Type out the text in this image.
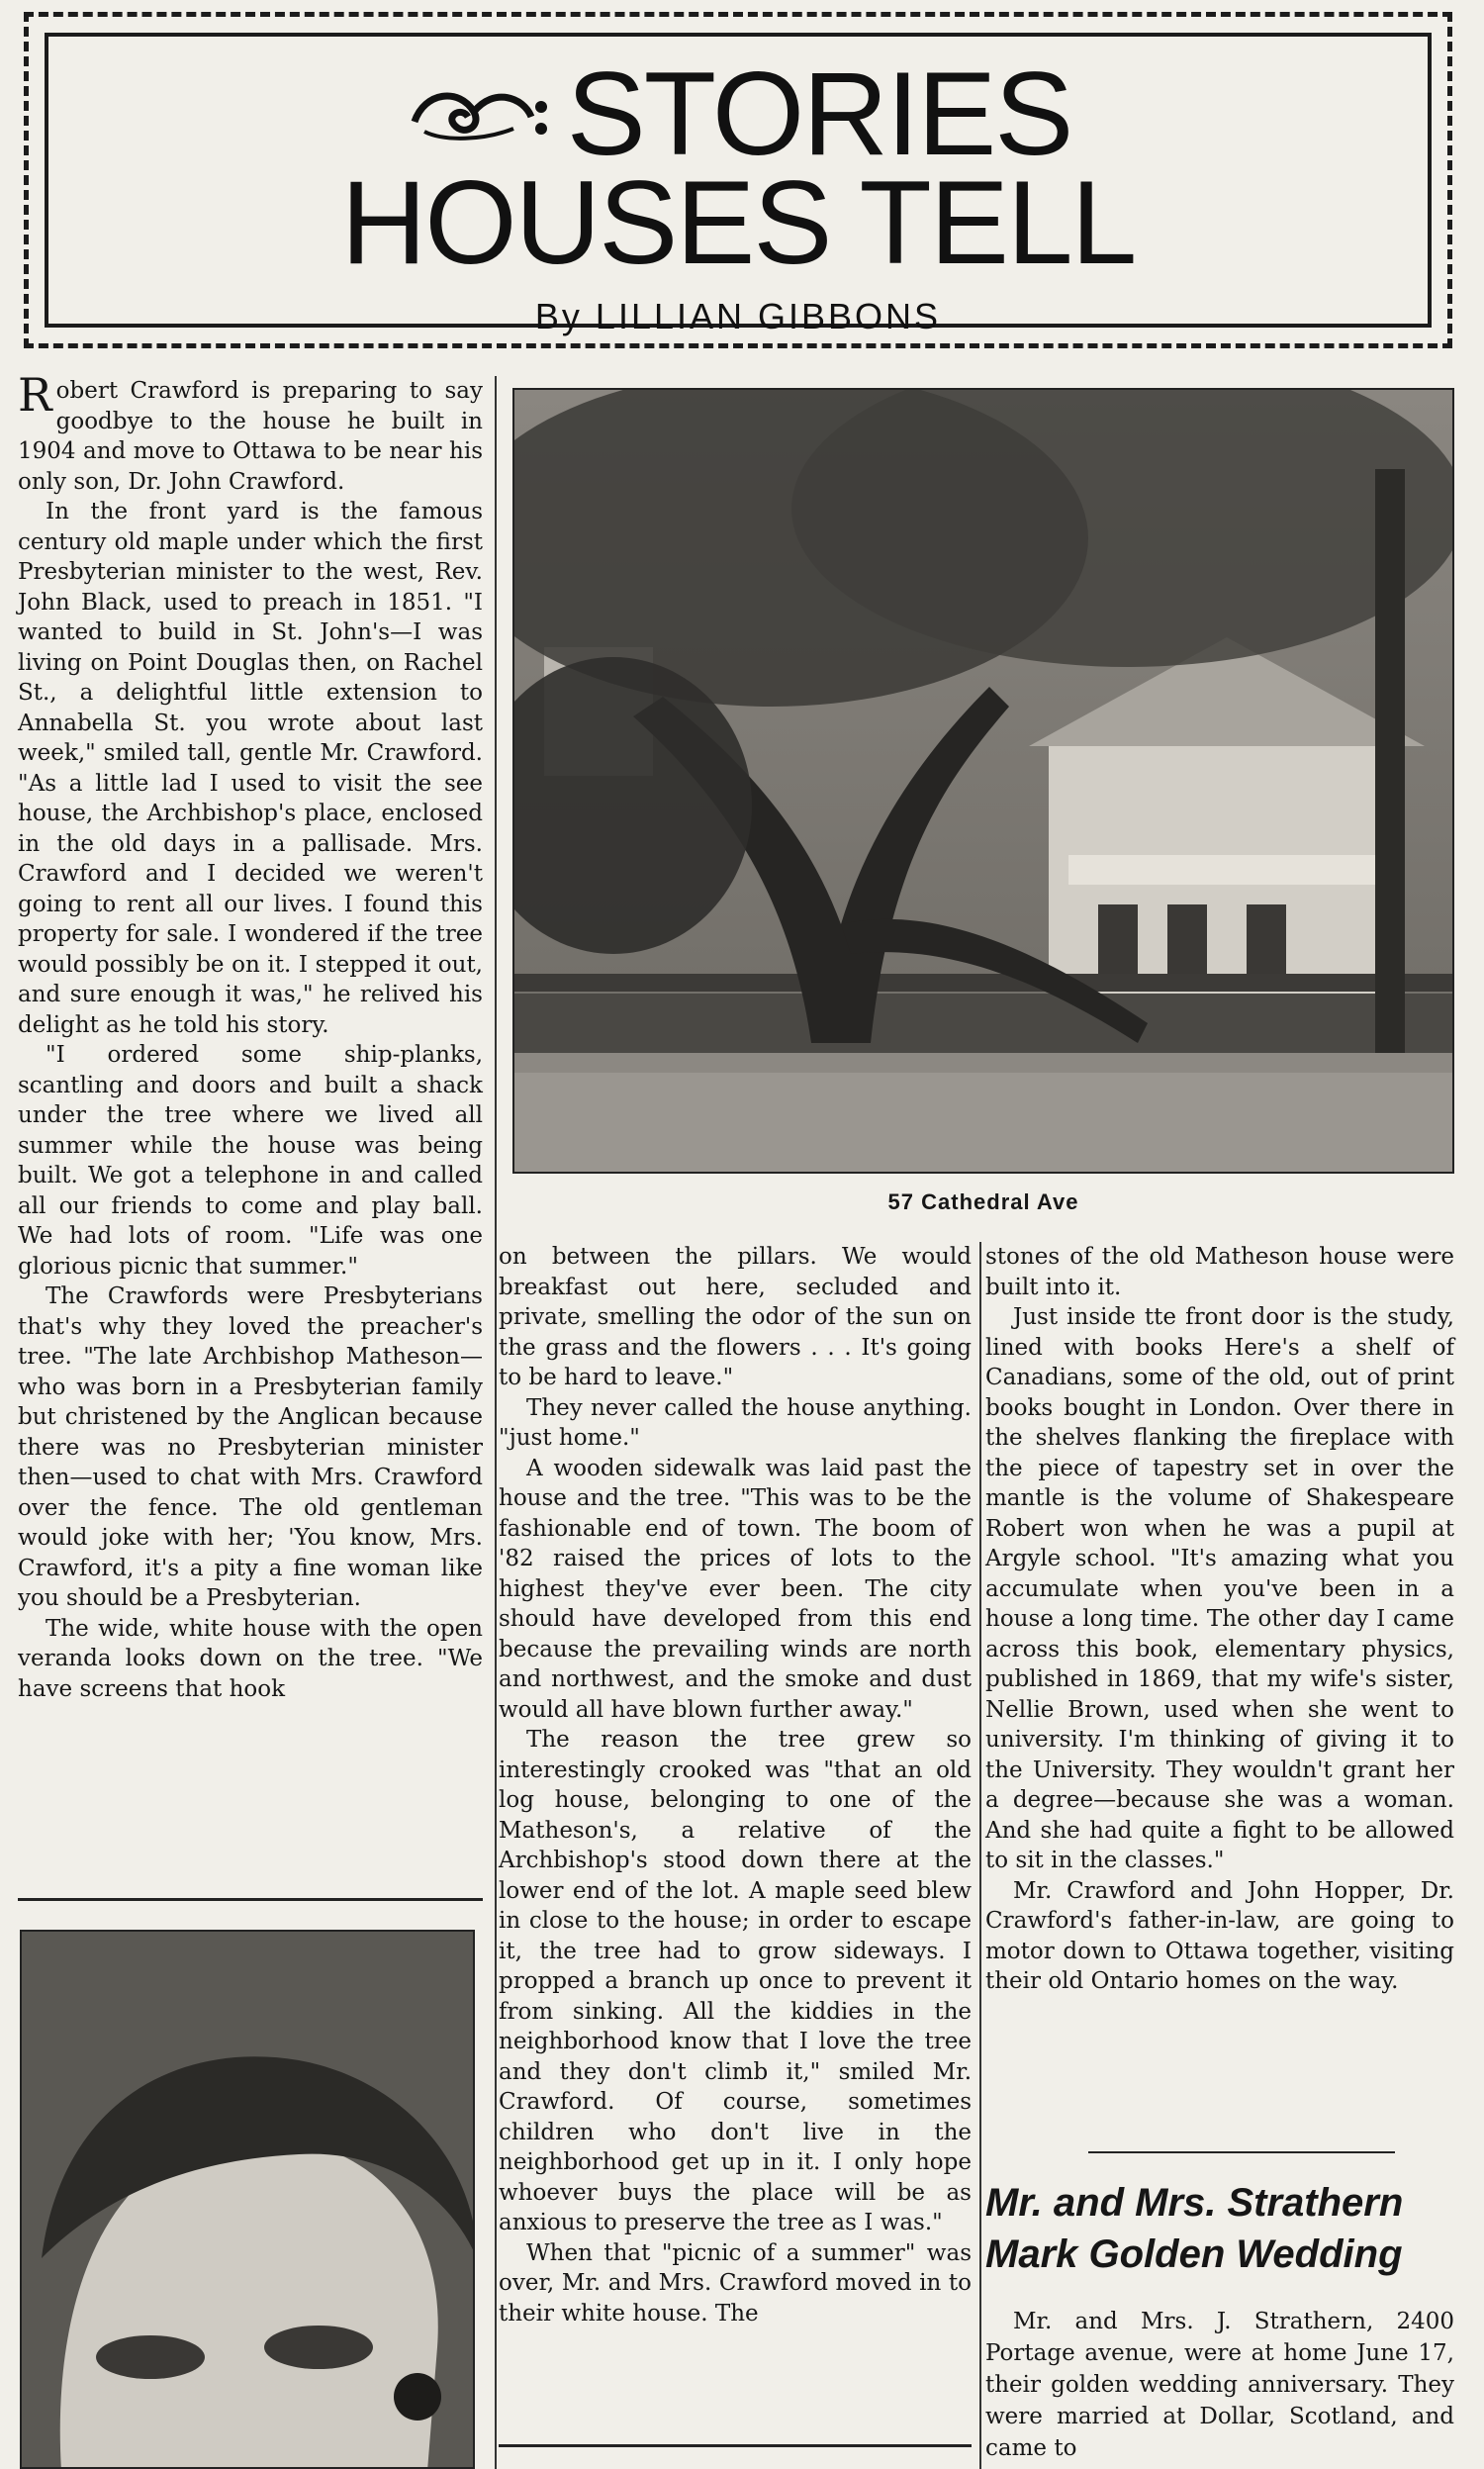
STORIES
HOUSES TELL
By LILLIAN GIBBONS

Robert Crawford is preparing to say goodbye to the house he built in 1904 and move to Ottawa to be near his only son, Dr. John Crawford.

In the front yard is the famous century old maple under which the first Presbyterian minister to the west, Rev. John Black, used to preach in 1851. "I wanted to build in St. John's—I was living on Point Douglas then, on Rachel St., a delightful little extension to Annabella St. you wrote about last week," smiled tall, gentle Mr. Crawford. "As a little lad I used to visit the see house, the Archbishop's place, enclosed in the old days in a pallisade. Mrs. Crawford and I decided we weren't going to rent all our lives. I found this property for sale. I wondered if the tree would possibly be on it. I stepped it out, and sure enough it was," he relived his delight as he told his story.

"I ordered some ship-planks, scantling and doors and built a shack under the tree where we lived all summer while the house was being built. We got a telephone in and called all our friends to come and play ball. We had lots of room. "Life was one glorious picnic that summer."

The Crawfords were Presbyterians that's why they loved the preacher's tree. "The late Archbishop Matheson—who was born in a Presbyterian family but christened by the Anglican because there was no Presbyterian minister then—used to chat with Mrs. Crawford over the fence. The old gentleman would joke with her; 'You know, Mrs. Crawford, it's a pity a fine woman like you should be a Presbyterian.

The wide, white house with the open veranda looks down on the tree. "We have screens that hook

57 Cathedral Ave

on between the pillars. We would breakfast out here, secluded and private, smelling the odor of the sun on the grass and the flowers . . . It's going to be hard to leave."

They never called the house anything. "just home."

A wooden sidewalk was laid past the house and the tree. "This was to be the fashionable end of town. The boom of '82 raised the prices of lots to the highest they've ever been. The city should have developed from this end because the prevailing winds are north and northwest, and the smoke and dust would all have blown further away."

The reason the tree grew so interestingly crooked was "that an old log house, belonging to one of the Matheson's, a relative of the Archbishop's stood down there at the lower end of the lot. A maple seed blew in close to the house; in order to escape it, the tree had to grow sideways. I propped a branch up once to prevent it from sinking. All the kiddies in the neighborhood know that I love the tree and they don't climb it," smiled Mr. Crawford. Of course, sometimes children who don't live in the neighborhood get up in it. I only hope whoever buys the place will be as anxious to preserve the tree as I was."

When that "picnic of a summer" was over, Mr. and Mrs. Crawford moved in to their white house. The

stones of the old Matheson house were built into it.

Just inside tte front door is the study, lined with books Here's a shelf of Canadians, some of the old, out of print books bought in London. Over there in the shelves flanking the fireplace with the piece of tapestry set in over the mantle is the volume of Shakespeare Robert won when he was a pupil at Argyle school. "It's amazing what you accumulate when you've been in a house a long time. The other day I came across this book, elementary physics, published in 1869, that my wife's sister, Nellie Brown, used when she went to university. I'm thinking of giving it to the University. They wouldn't grant her a degree—because she was a woman. And she had quite a fight to be allowed to sit in the classes."

Mr. Crawford and John Hopper, Dr. Crawford's father-in-law, are going to motor down to Ottawa together, visiting their old Ontario homes on the way.

Mr. and Mrs. Strathern Mark Golden Wedding

Mr. and Mrs. J. Strathern, 2400 Portage avenue, were at home June 17, their golden wedding anniversary. They were married at Dollar, Scotland, and came to
